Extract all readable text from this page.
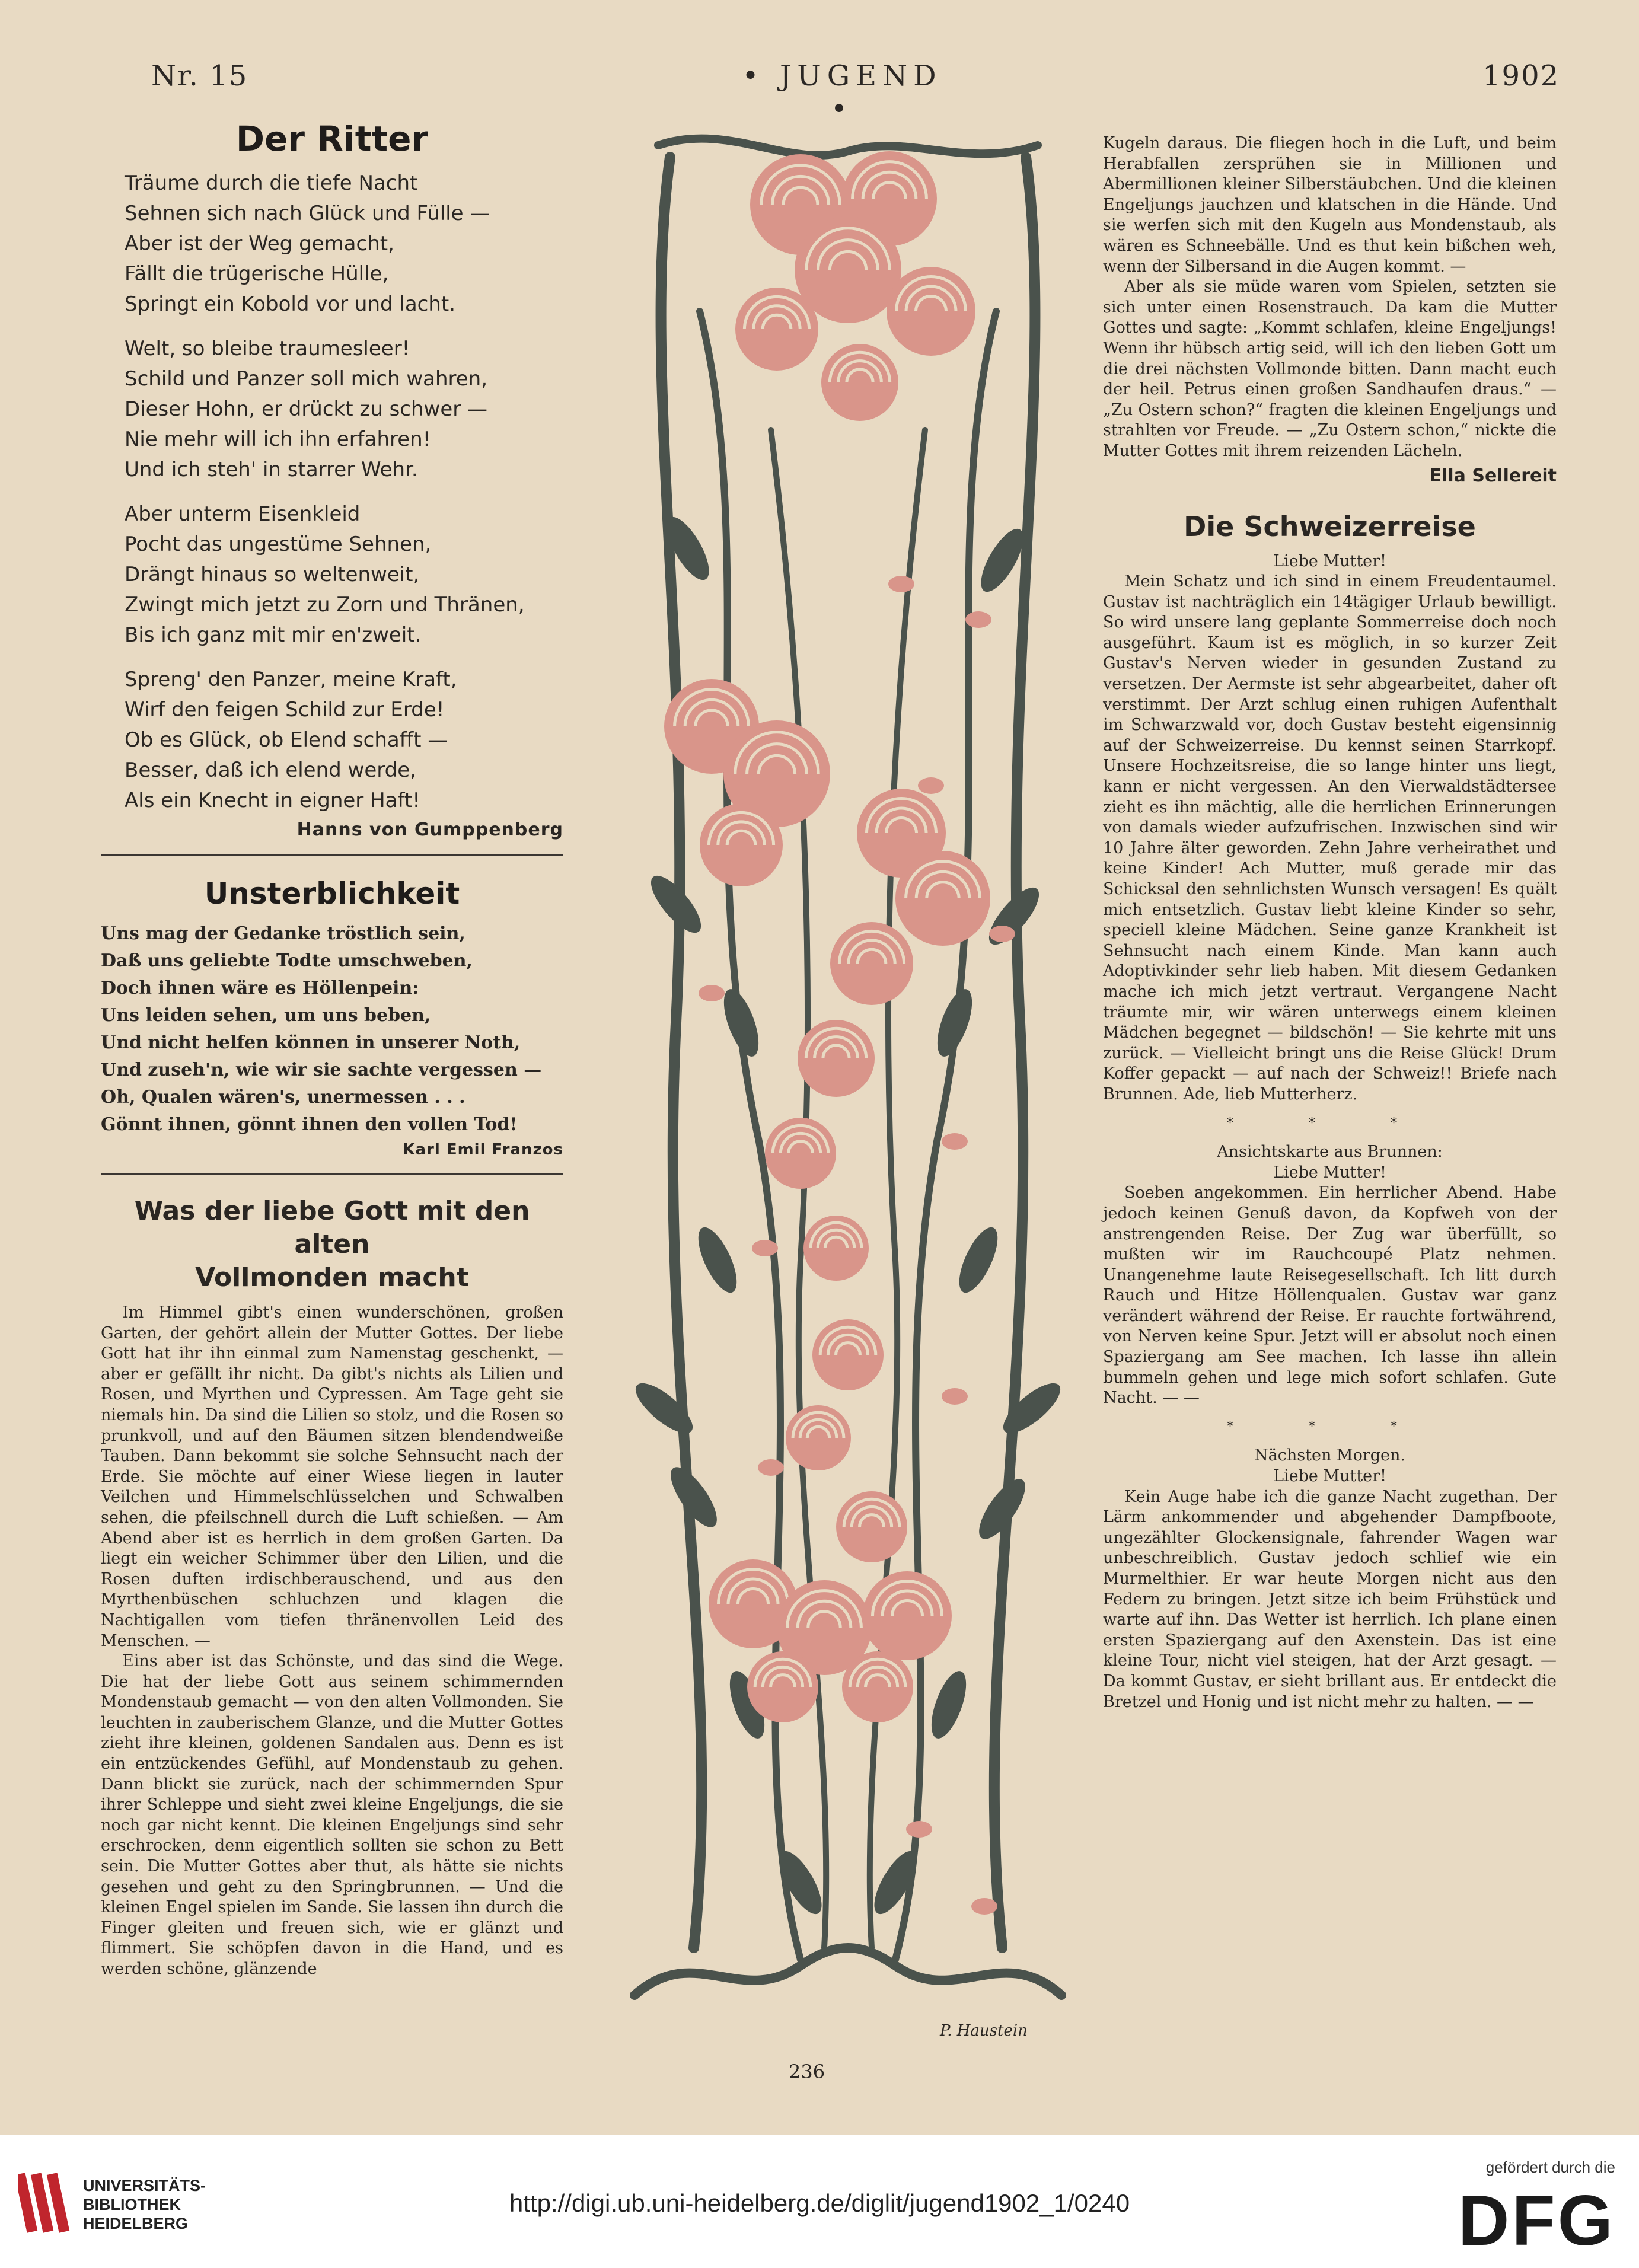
Nr. 15	• JUGEND •
1902
Der Ritter
Träume durch die tiefe Nacht
Sehnen sich nach Glück und Fülle —
Aber ist der Weg gemacht,
Fällt die trügerische Hülle,
Springt ein Kobold vor und lacht.
Welt, so bleibe traumesleer!
Schild und Panzer soll mich wahren,
Dieser Hohn, er drückt zu schwer —
Nie mehr will ich ihn erfahren!
Und ich steh' in starrer Wehr.
Aber unterm Eisenkleid
Pocht das ungestüme Sehnen,
Drängt hinaus so weltenweit,
Zwingt mich jetzt zu Zorn und Thränen,
Bis ich ganz mit mir en'zweit.
Spreng' den Panzer, meine Kraft,
Wirf den feigen Schild zur Erde!
Ob es Glück, ob Elend schafft —
Besser, daß ich elend werde,
Als ein Knecht in eigner Haft!
Hanns von Gumppenberg
Unsterblichkeit
Uns mag der Gedanke tröstlich sein,
Daß uns geliebte Todte umschweben,
Doch ihnen wäre es Höllenpein:
Uns leiden sehen, um uns beben,
Und nicht helfen können in unserer Noth,
Und zuseh'n, wie wir sie sachte vergessen —
Oh, Qualen wären's, unermessen . . .
Gönnt ihnen, gönnt ihnen den vollen Tod!
Karl Emil Franzos
Was der liebe Gott mit den alten
Vollmonden macht

Im Himmel gibt's einen wunderschönen, großen Garten, der gehört allein der Mutter Gottes. Der liebe Gott hat ihr ihn einmal zum Namenstag geschenkt, — aber er gefällt ihr nicht. Da gibt's nichts als Lilien und Rosen, und Myrthen und Cypressen. Am Tage geht sie niemals hin. Da sind die Lilien so stolz, und die Rosen so prunkvoll, und auf den Bäumen sitzen blendendweiße Tauben. Dann bekommt sie solche Sehnsucht nach der Erde. Sie möchte auf einer Wiese liegen in lauter Veilchen und Himmelschlüsselchen und Schwalben sehen, die pfeilschnell durch die Luft schießen. — Am Abend aber ist es herrlich in dem großen Garten. Da liegt ein weicher Schimmer über den Lilien, und die Rosen duften irdischberauschend, und aus den Myrthenbüschen schluchzen und klagen die Nachtigallen vom tiefen thränenvollen Leid des Menschen. —

Eins aber ist das Schönste, und das sind die Wege. Die hat der liebe Gott aus seinem schimmernden Mondenstaub gemacht — von den alten Vollmonden. Sie leuchten in zauberischem Glanze, und die Mutter Gottes zieht ihre kleinen, goldenen Sandalen aus. Denn es ist ein entzückendes Gefühl, auf Mondenstaub zu gehen. Dann blickt sie zurück, nach der schimmernden Spur ihrer Schleppe und sieht zwei kleine Engeljungs, die sie noch gar nicht kennt. Die kleinen Engeljungs sind sehr erschrocken, denn eigentlich sollten sie schon zu Bett sein. Die Mutter Gottes aber thut, als hätte sie nichts gesehen und geht zu den Springbrunnen. — Und die kleinen Engel spielen im Sande. Sie lassen ihn durch die Finger gleiten und freuen sich, wie er glänzt und flimmert. Sie schöpfen davon in die Hand, und es werden schöne, glänzende

P. Haustein

Kugeln daraus. Die fliegen hoch in die Luft, und beim Herabfallen zersprühen sie in Millionen und Abermillionen kleiner Silberstäubchen. Und die kleinen Engeljungs jauchzen und klatschen in die Hände. Und sie werfen sich mit den Kugeln aus Mondenstaub, als wären es Schneebälle. Und es thut kein bißchen weh, wenn der Silbersand in die Augen kommt. —

Aber als sie müde waren vom Spielen, setzten sie sich unter einen Rosenstrauch. Da kam die Mutter Gottes und sagte: „Kommt schlafen, kleine Engeljungs! Wenn ihr hübsch artig seid, will ich den lieben Gott um die drei nächsten Vollmonde bitten. Dann macht euch der heil. Petrus einen großen Sandhaufen draus.“ — „Zu Ostern schon?“ fragten die kleinen Engeljungs und strahlten vor Freude. — „Zu Ostern schon,“ nickte die Mutter Gottes mit ihrem reizenden Lächeln.

Ella Sellereit
Die Schweizerreise

Liebe Mutter!

Mein Schatz und ich sind in einem Freudentaumel. Gustav ist nachträglich ein 14tägiger Urlaub bewilligt. So wird unsere lang geplante Sommerreise doch noch ausgeführt. Kaum ist es möglich, in so kurzer Zeit Gustav's Nerven wieder in gesunden Zustand zu versetzen. Der Aermste ist sehr abgearbeitet, daher oft verstimmt. Der Arzt schlug einen ruhigen Aufenthalt im Schwarzwald vor, doch Gustav besteht eigensinnig auf der Schweizerreise. Du kennst seinen Starrkopf. Unsere Hochzeitsreise, die so lange hinter uns liegt, kann er nicht vergessen. An den Vierwaldstädtersee zieht es ihn mächtig, alle die herrlichen Erinnerungen von damals wieder aufzufrischen. Inzwischen sind wir 10 Jahre älter geworden. Zehn Jahre verheirathet und keine Kinder! Ach Mutter, muß gerade mir das Schicksal den sehnlichsten Wunsch versagen! Es quält mich entsetzlich. Gustav liebt kleine Kinder so sehr, speciell kleine Mädchen. Seine ganze Krankheit ist Sehnsucht nach einem Kinde. Man kann auch Adoptivkinder sehr lieb haben. Mit diesem Gedanken mache ich mich jetzt vertraut. Vergangene Nacht träumte mir, wir wären unterwegs einem kleinen Mädchen begegnet — bildschön! — Sie kehrte mit uns zurück. — Vielleicht bringt uns die Reise Glück! Drum Koffer gepackt — auf nach der Schweiz!! Briefe nach Brunnen. Ade, lieb Mutterherz.

* * *

Ansichtskarte aus Brunnen:

Liebe Mutter!

Soeben angekommen. Ein herrlicher Abend. Habe jedoch keinen Genuß davon, da Kopfweh von der anstrengenden Reise. Der Zug war überfüllt, so mußten wir im Rauchcoupé Platz nehmen. Unangenehme laute Reisegesellschaft. Ich litt durch Rauch und Hitze Höllenqualen. Gustav war ganz verändert während der Reise. Er rauchte fortwährend, von Nerven keine Spur. Jetzt will er absolut noch einen Spaziergang am See machen. Ich lasse ihn allein bummeln gehen und lege mich sofort schlafen. Gute Nacht. — —

* * *

Nächsten Morgen.

Liebe Mutter!

Kein Auge habe ich die ganze Nacht zugethan. Der Lärm ankommender und abgehender Dampfboote, ungezählter Glockensignale, fahrender Wagen war unbeschreiblich. Gustav jedoch schlief wie ein Murmelthier. Er war heute Morgen nicht aus den Federn zu bringen. Jetzt sitze ich beim Frühstück und warte auf ihn. Das Wetter ist herrlich. Ich plane einen ersten Spaziergang auf den Axenstein. Das ist eine kleine Tour, nicht viel steigen, hat der Arzt gesagt. — Da kommt Gustav, er sieht brillant aus. Er entdeckt die Bretzel und Honig und ist nicht mehr zu halten. — —

236
UNIVERSITÄTS-
BIBLIOTHEK
HEIDELBERG
http://digi.ub.uni-heidelberg.de/diglit/jugend1902_1/0240
gefördert durch die
DFG
